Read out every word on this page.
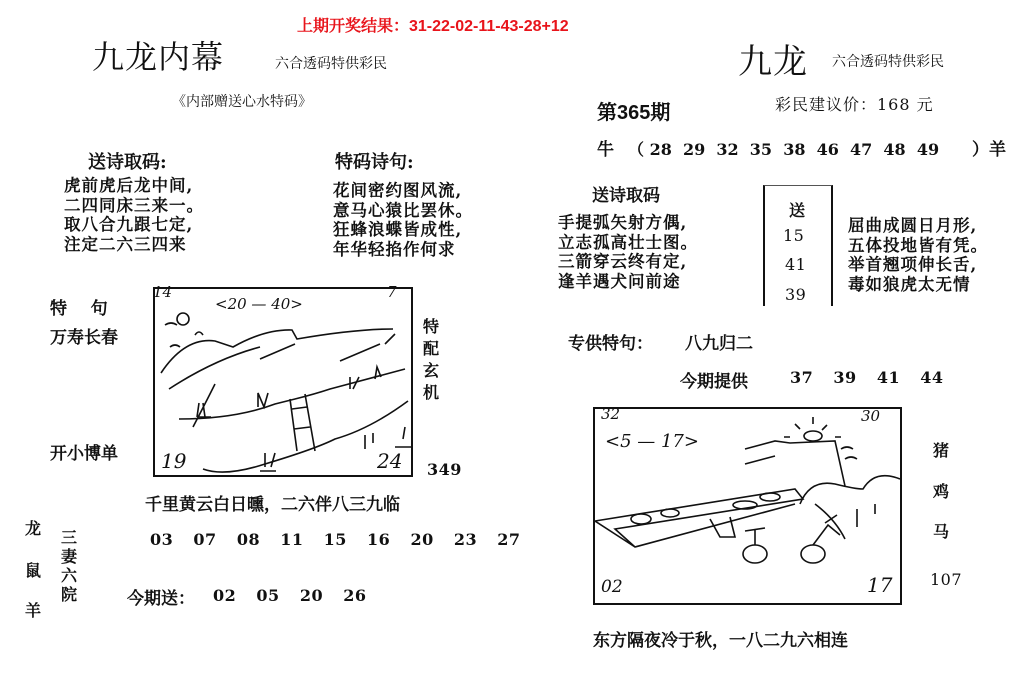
上期开奖结果：31-22-02-11-43-28+12
九龙内幕	六合透码特供彩民
《内部赠送心水特码》
送诗取码:	特码诗句:
虎前虎后龙中间,
二四同床三来一。
取八合九跟七定,
注定二六三四来
花间密约图风流,
意马心猿比罢休。
狂蜂浪蝶皆成性,
年华轻掐作何求
特    句
万寿长春
开小博单
14
<20 — 40>
7
19	24
特配玄机
349
千里黄云白日曛，二六伴八三九临
龙
鼠
羊
三妻六院
03  07  08  11  15  16  20  23  27
今期送： 02  05  20  26
九龙 六合透码特供彩民
第365期	彩民建议价：168 元
牛 （ 28  29  32  35  38  46  47  48  49 ）羊
送诗取码
手提弧矢射方偶,
立志孤高壮士图。
三箭穿云终有定,
逢羊遇犬问前途
送
15
41
39
屈曲成圆日月形,
五体投地皆有凭。
举首翘项伸长舌,
毒如狼虎太无情
专供特句： 八九归二
今期提供	37  39  41  44
32
<5 — 17>
30
02	17
猪
鸡
马
107
东方隔夜冷于秋，一八二九六相连
